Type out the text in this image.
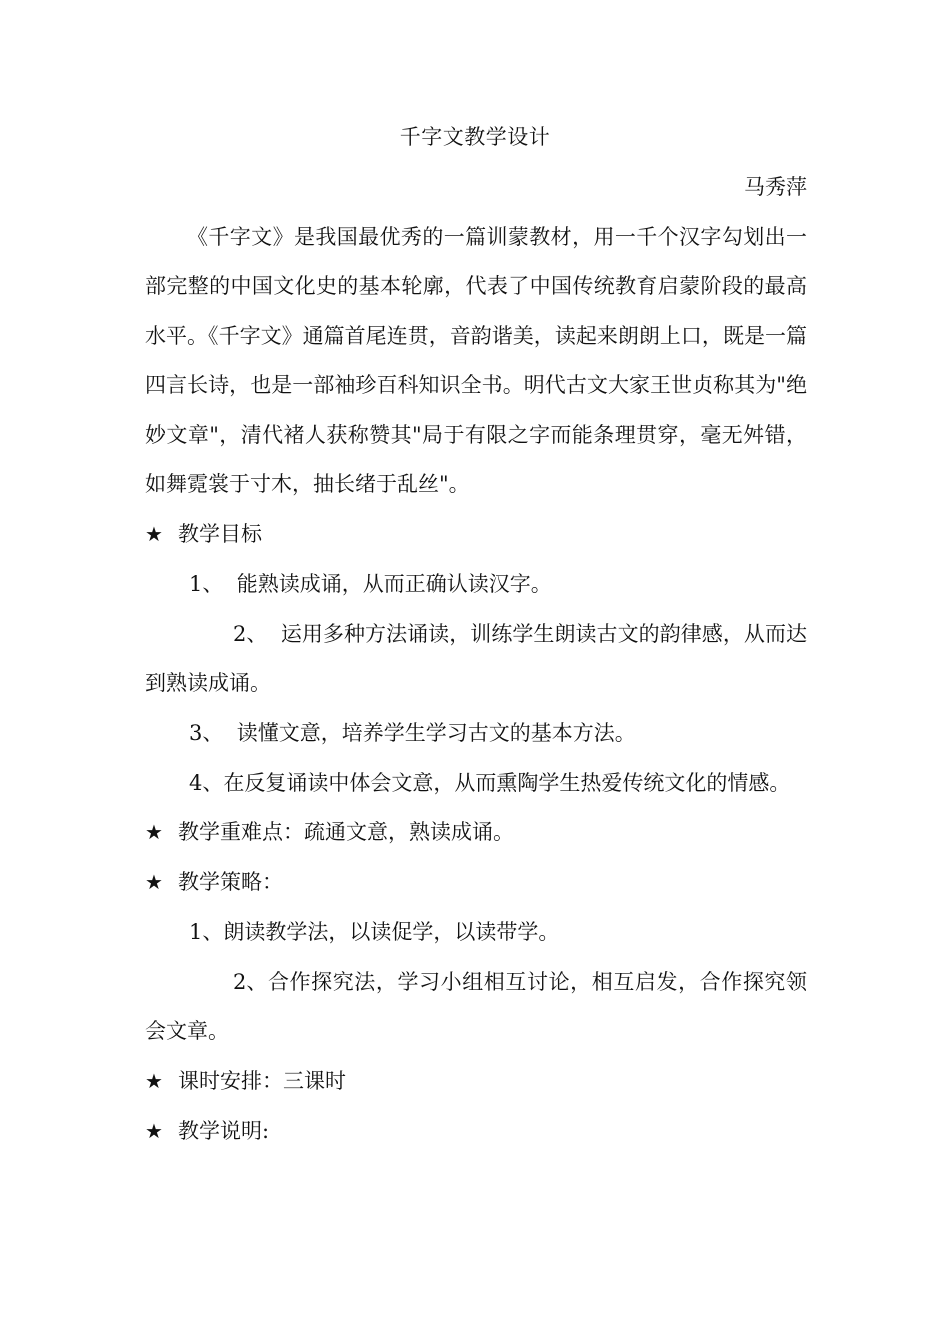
千字文教学设计
马秀萍

《千字文》是我国最优秀的一篇训蒙教材，用一千个汉字勾划出一部完整的中国文化史的基本轮廓，代表了中国传统教育启蒙阶段的最高水平。《千字文》通篇首尾连贯，音韵谐美，读起来朗朗上口，既是一篇四言长诗，也是一部袖珍百科知识全书。明代古文大家王世贞称其为"绝妙文章"，清代褚人获称赞其"局于有限之字而能条理贯穿，毫无舛错，如舞霓裳于寸木，抽长绪于乱丝"。

★ 教学目标
1、 能熟读成诵，从而正确认读汉字。

2、 运用多种方法诵读，训练学生朗读古文的韵律感，从而达到熟读成诵。

3、 读懂文意，培养学生学习古文的基本方法。
4、在反复诵读中体会文意，从而熏陶学生热爱传统文化的情感。
★ 教学重难点：疏通文意，熟读成诵。
★ 教学策略：
1、朗读教学法，以读促学，以读带学。

2、合作探究法，学习小组相互讨论，相互启发，合作探究领会文章。

★ 课时安排：三课时
★ 教学说明:
